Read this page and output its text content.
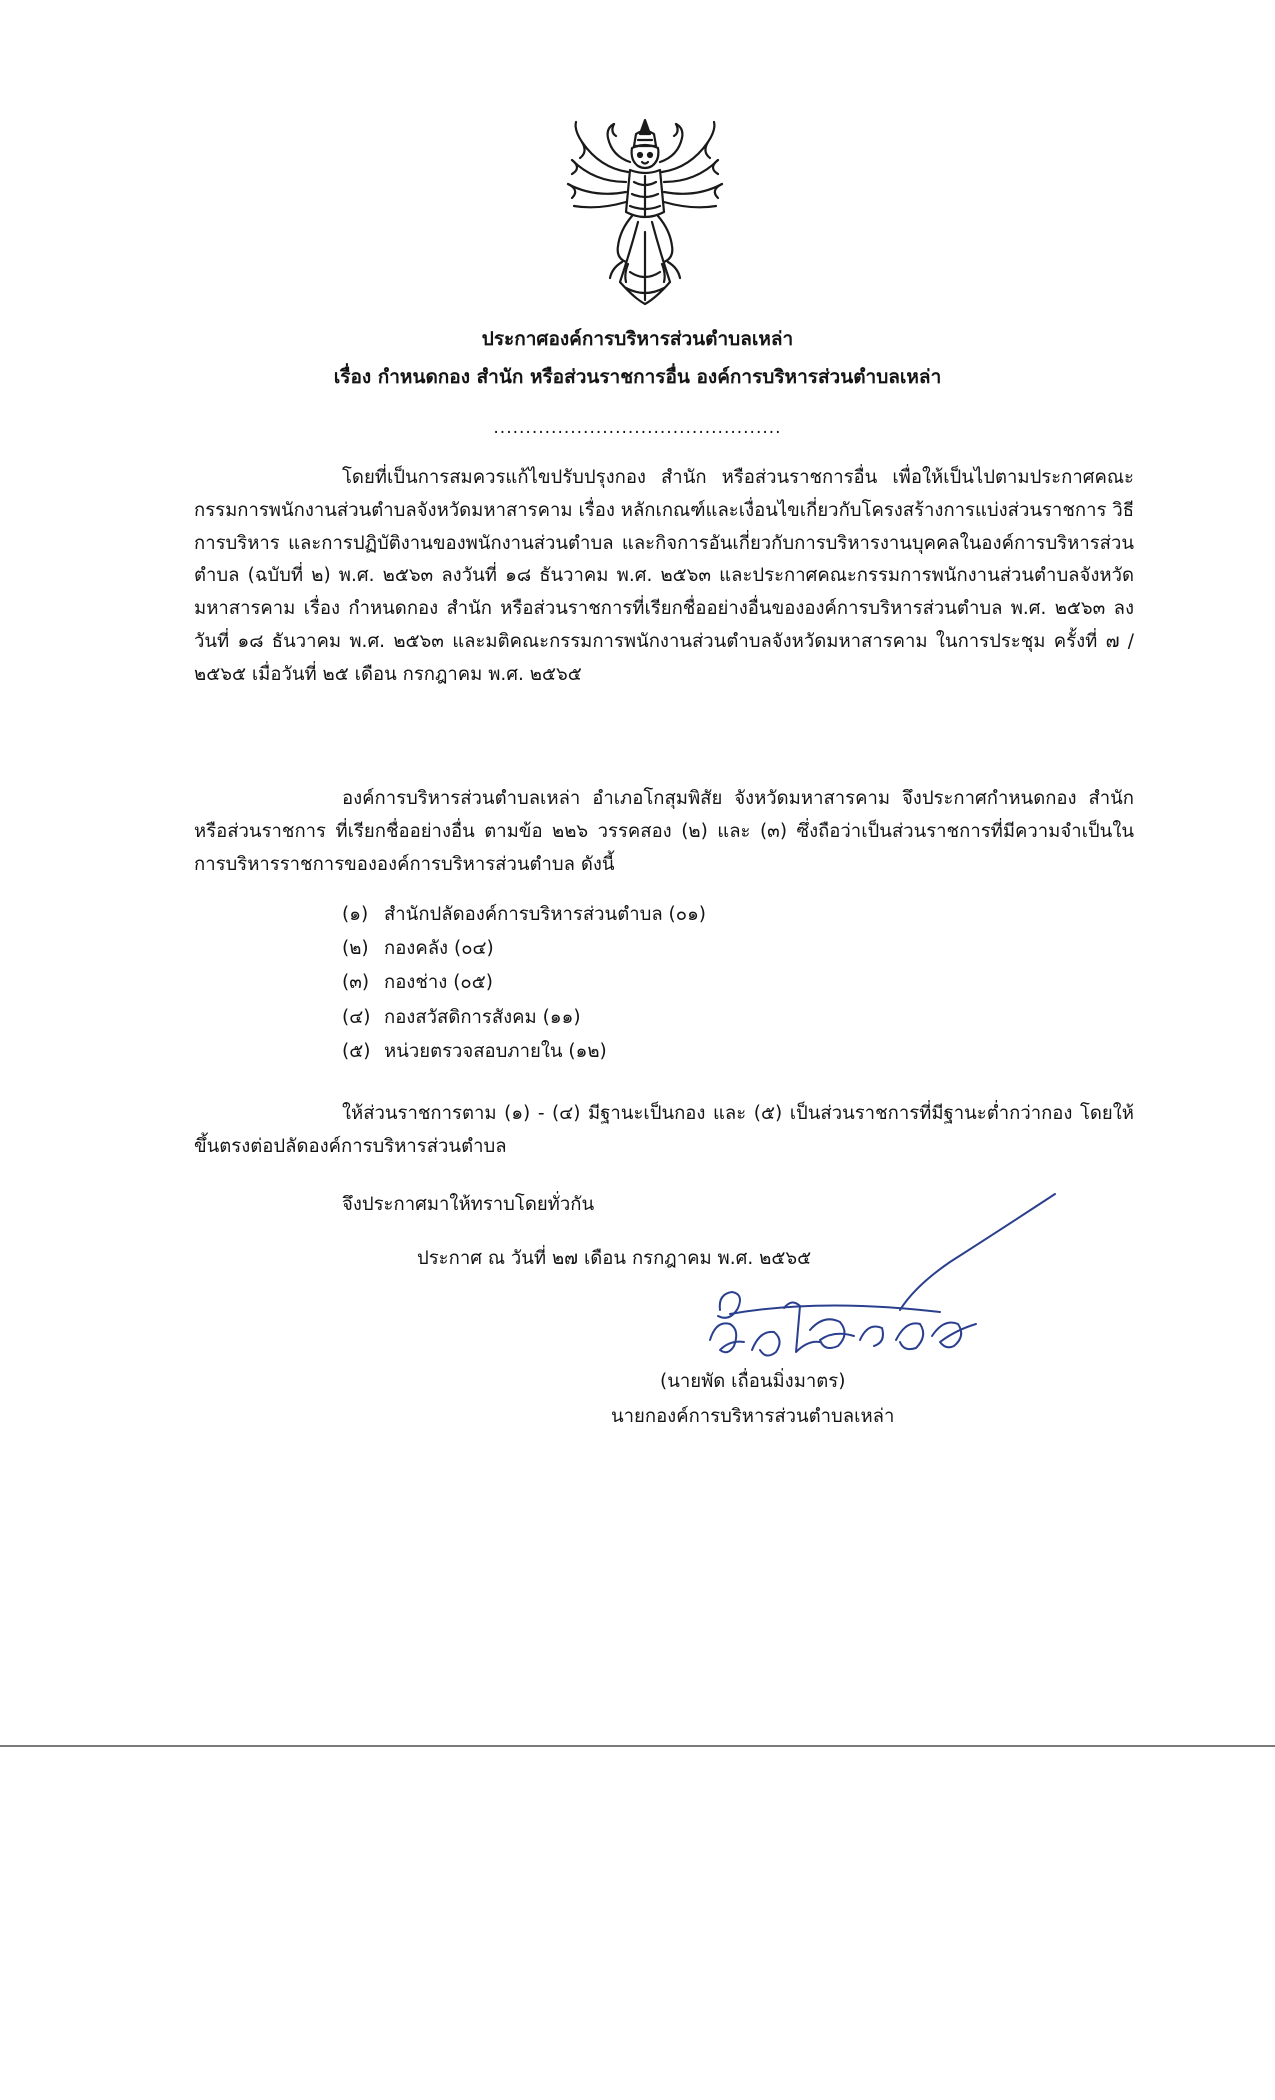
ประกาศองค์การบริหารส่วนตำบลเหล่า
เรื่อง กำหนดกอง สำนัก หรือส่วนราชการอื่น องค์การบริหารส่วนตำบลเหล่า
.............................................
โดยที่เป็นการสมควรแก้ไขปรับปรุงกอง สำนัก หรือส่วนราชการอื่น เพื่อให้เป็นไปตามประกาศคณะกรรมการพนักงานส่วนตำบลจังหวัดมหาสารคาม เรื่อง หลักเกณฑ์และเงื่อนไขเกี่ยวกับโครงสร้างการแบ่งส่วนราชการ วิธีการบริหาร และการปฏิบัติงานของพนักงานส่วนตำบล และกิจการอันเกี่ยวกับการบริหารงานบุคคลในองค์การบริหารส่วนตำบล (ฉบับที่ ๒) พ.ศ. ๒๕๖๓ ลงวันที่ ๑๘ ธันวาคม พ.ศ. ๒๕๖๓ และประกาศคณะกรรมการพนักงานส่วนตำบลจังหวัดมหาสารคาม เรื่อง กำหนดกอง สำนัก หรือส่วนราชการที่เรียกชื่ออย่างอื่นขององค์การบริหารส่วนตำบล พ.ศ. ๒๕๖๓ ลงวันที่ ๑๘ ธันวาคม พ.ศ. ๒๕๖๓ และมติคณะกรรมการพนักงานส่วนตำบลจังหวัดมหาสารคาม ในการประชุม ครั้งที่ ๗ / ๒๕๖๕ เมื่อวันที่ ๒๕ เดือน กรกฎาคม พ.ศ. ๒๕๖๕
องค์การบริหารส่วนตำบลเหล่า อำเภอโกสุมพิสัย จังหวัดมหาสารคาม จึงประกาศกำหนดกอง สำนัก หรือส่วนราชการ ที่เรียกชื่ออย่างอื่น ตามข้อ ๒๒๖ วรรคสอง (๒) และ (๓) ซึ่งถือว่าเป็นส่วนราชการที่มีความจำเป็นในการบริหารราชการขององค์การบริหารส่วนตำบล ดังนี้
(๑) สำนักปลัดองค์การบริหารส่วนตำบล (๐๑)
(๒) กองคลัง (๐๔)
(๓) กองช่าง (๐๕)
(๔) กองสวัสดิการสังคม (๑๑)
(๕) หน่วยตรวจสอบภายใน (๑๒)
ให้ส่วนราชการตาม (๑) - (๔) มีฐานะเป็นกอง และ (๕) เป็นส่วนราชการที่มีฐานะต่ำกว่ากอง โดยให้ขึ้นตรงต่อปลัดองค์การบริหารส่วนตำบล
จึงประกาศมาให้ทราบโดยทั่วกัน
ประกาศ ณ วันที่ ๒๗ เดือน กรกฎาคม พ.ศ. ๒๕๖๕
(นายพัด เถื่อนมิ่งมาตร)
นายกองค์การบริหารส่วนตำบลเหล่า
